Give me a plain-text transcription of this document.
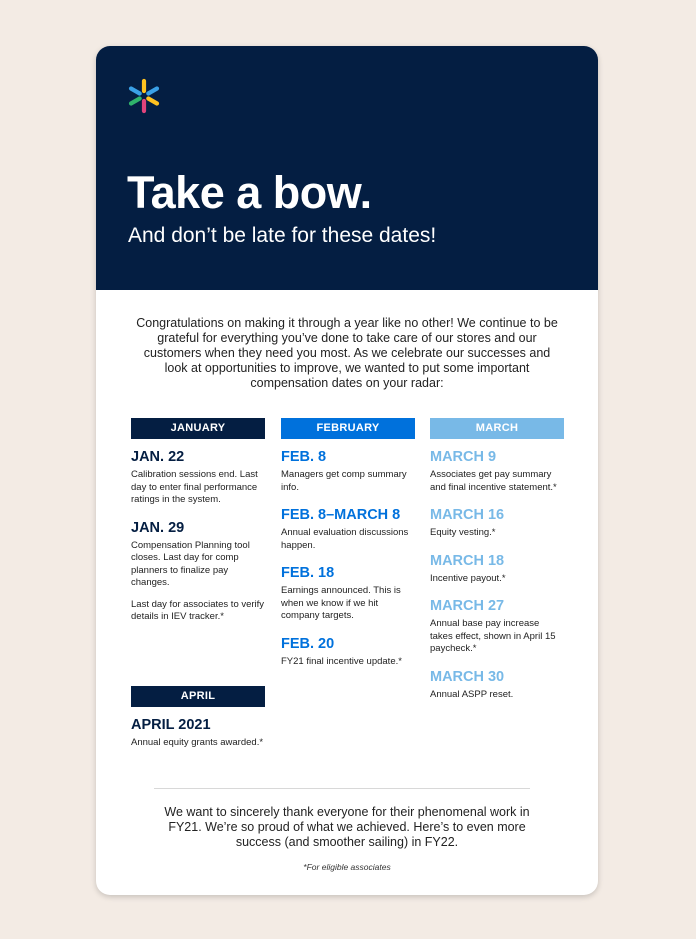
Take a bow.
And don’t be late for these dates!
Congratulations on making it through a year like no other! We continue to be grateful for everything you’ve done to take care of our stores and our customers when they need you most. As we celebrate our successes and look at opportunities to improve, we wanted to put some important compensation dates on your radar:
JANUARY
JAN. 22
Calibration sessions end. Last day to enter final performance ratings in the system.
JAN. 29
Compensation Planning tool closes. Last day for comp planners to finalize pay changes.
Last day for associates to verify details in IEV tracker.*
FEBRUARY
FEB. 8
Managers get comp summary info.
FEB. 8–MARCH 8
Annual evaluation discussions happen.
FEB. 18
Earnings announced. This is when we know if we hit company targets.
FEB. 20
FY21 final incentive update.*
MARCH
MARCH 9
Associates get pay summary and final incentive statement.*
MARCH 16
Equity vesting.*
MARCH 18
Incentive payout.*
MARCH 27
Annual base pay increase takes effect, shown in April 15 paycheck.*
MARCH 30
Annual ASPP reset.
APRIL
APRIL 2021
Annual equity grants awarded.*
We want to sincerely thank everyone for their phenomenal work in FY21. We’re so proud of what we achieved. Here’s to even more success (and smoother sailing) in FY22.
*For eligible associates
